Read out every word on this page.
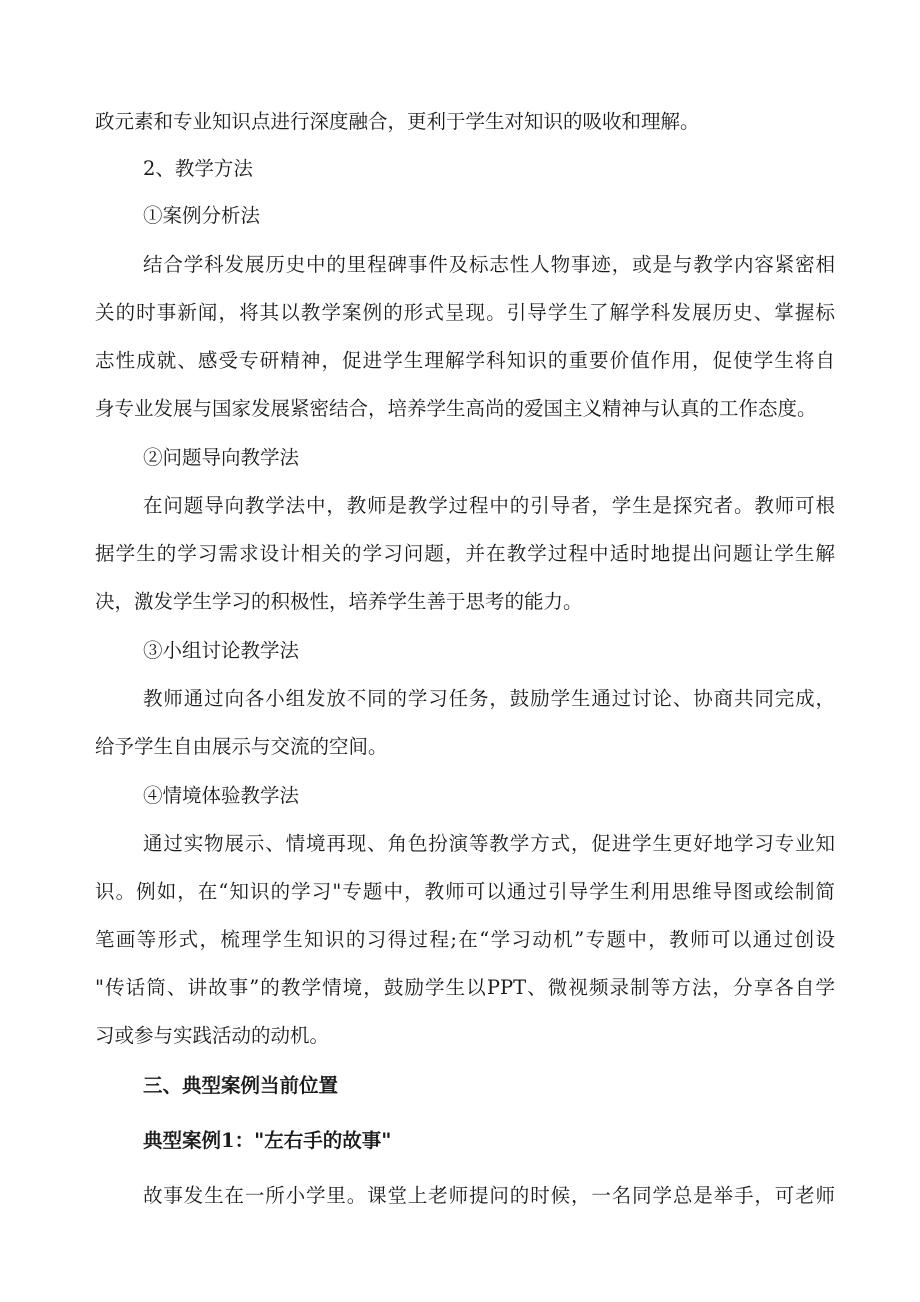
政元素和专业知识点进行深度融合，更利于学生对知识的吸收和理解。
2、教学方法
①案例分析法
结合学科发展历史中的里程碑事件及标志性人物事迹，或是与教学内容紧密相
关的时事新闻，将其以教学案例的形式呈现。引导学生了解学科发展历史、掌握标
志性成就、感受专研精神，促进学生理解学科知识的重要价值作用，促使学生将自
身专业发展与国家发展紧密结合，培养学生高尚的爱国主义精神与认真的工作态度。
②问题导向教学法
在问题导向教学法中，教师是教学过程中的引导者，学生是探究者。教师可根
据学生的学习需求设计相关的学习问题，并在教学过程中适时地提出问题让学生解
决，激发学生学习的积极性，培养学生善于思考的能力。
③小组讨论教学法
教师通过向各小组发放不同的学习任务，鼓励学生通过讨论、协商共同完成，
给予学生自由展示与交流的空间。
④情境体验教学法
通过实物展示、情境再现、角色扮演等教学方式，促进学生更好地学习专业知
识。例如，在“知识的学习"专题中，教师可以通过引导学生利用思维导图或绘制简
笔画等形式，梳理学生知识的习得过程;在“学习动机”专题中，教师可以通过创设
"传话筒、讲故事”的教学情境，鼓励学生以PPT、微视频录制等方法，分享各自学
习或参与实践活动的动机。
三、典型案例当前位置
典型案例1："左右手的故事"
故事发生在一所小学里。课堂上老师提问的时候，一名同学总是举手，可老师
